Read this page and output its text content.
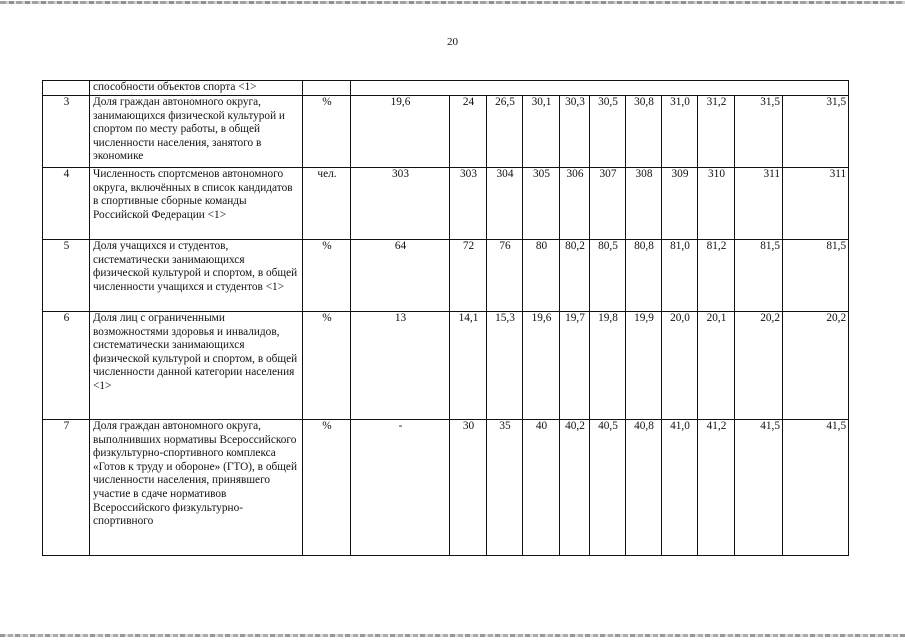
20
	способности объектов спорта <1>												
3	Доля граждан автономного округа, занимающихся физической культурой и спортом по месту работы, в общей численности населения, занятого в экономике	%	19,6	24	26,5	30,1	30,3	30,5	30,8	31,0	31,2	31,5	31,5
4	Численность спортсменов автономного округа, включённых в список кандидатов в спортивные сборные команды Российской Федерации <1>	чел.	303	303	304	305	306	307	308	309	310	311	311
5	Доля учащихся и студентов, систематически занимающихся физической культурой и спортом, в общей численности учащихся и студентов <1>	%	64	72	76	80	80,2	80,5	80,8	81,0	81,2	81,5	81,5
6	Доля лиц с ограниченными возможностями здоровья и инвалидов, систематически занимающихся физической культурой и спортом, в общей численности данной категории населения <1>	%	13	14,1	15,3	19,6	19,7	19,8	19,9	20,0	20,1	20,2	20,2
7	Доля граждан автономного округа, выполнивших нормативы Всероссийского физкультурно-спортивного комплекса «Готов к труду и обороне» (ГТО), в общей численности населения, принявшего участие в сдаче нормативов Всероссийского физкультурно-спортивного	%	-	30	35	40	40,2	40,5	40,8	41,0	41,2	41,5	41,5
